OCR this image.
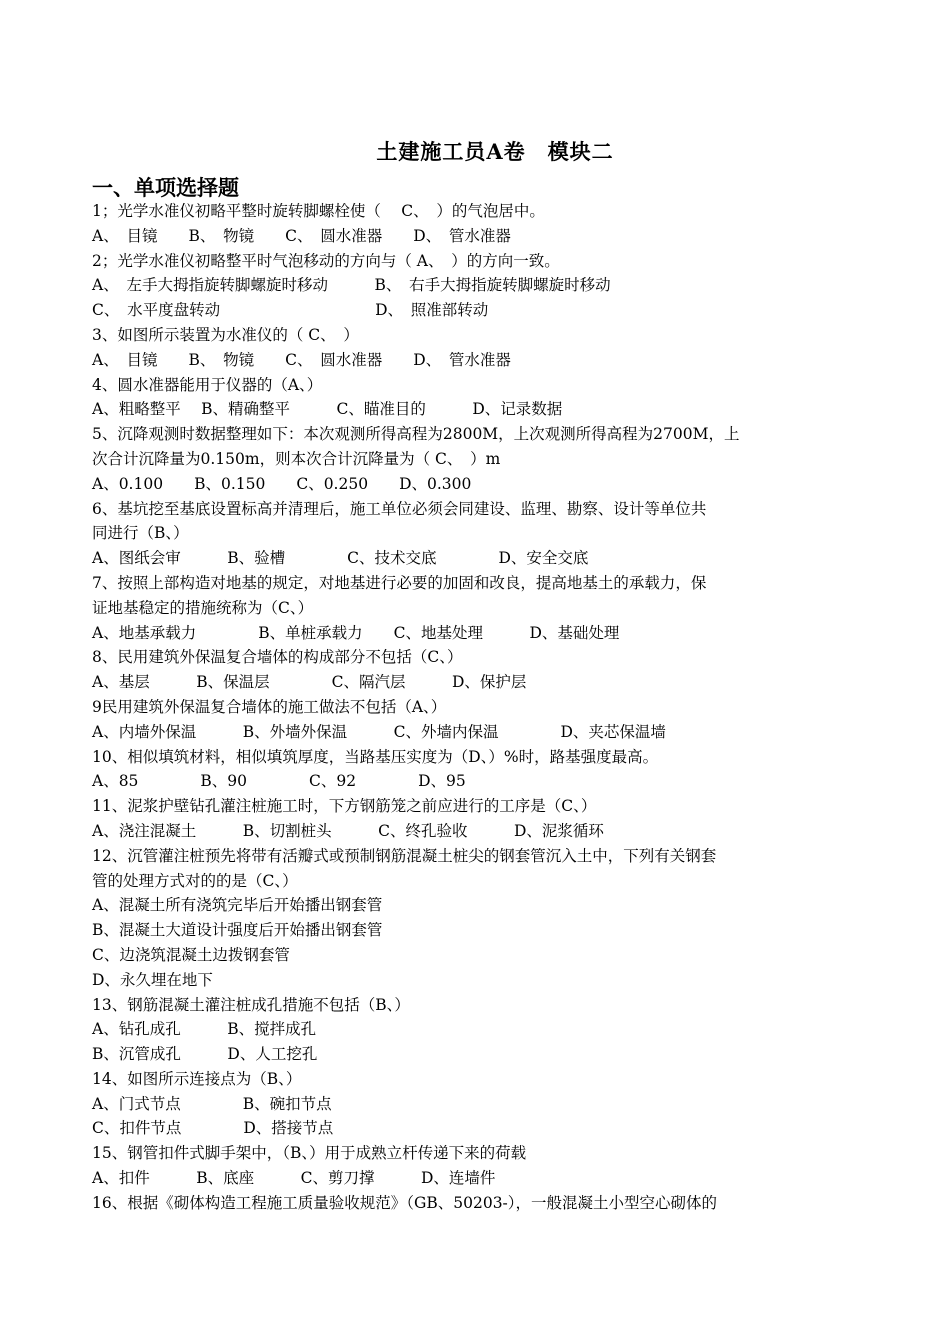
土建施工员A卷　模块二
一、单项选择题
1；光学水准仪初略平整时旋转脚螺栓使（　 C、　）的气泡居中。
A、　目镜　　B、　物镜　　C、　圆水准器　　D、　管水准器
2；光学水准仪初略整平时气泡移动的方向与（ A、　）的方向一致。
A、　左手大拇指旋转脚螺旋时移动　　　B、　右手大拇指旋转脚螺旋时移动
C、　水平度盘转动　　　　　　　　　　D、　照准部转动
3、如图所示装置为水准仪的（ C、　）
A、　目镜　　B、　物镜　　C、　圆水准器　　D、　管水准器
4、圆水准器能用于仪器的（A、）
A、粗略整平　 B、精确整平　　　C、瞄准目的　　　D、记录数据
5、沉降观测时数据整理如下：本次观测所得高程为2800M，上次观测所得高程为2700M，上
次合计沉降量为0.150m，则本次合计沉降量为（ C、　）m
A、0.100　　B、0.150　　C、0.250　　D、0.300
6、基坑挖至基底设置标高并清理后，施工单位必须会同建设、监理、勘察、设计等单位共
同进行（B、）
A、图纸会审　　　B、验槽　　　　C、技术交底　　　　D、安全交底
7、按照上部构造对地基的规定，对地基进行必要的加固和改良，提高地基土的承载力，保
证地基稳定的措施统称为（C、）
A、地基承载力　　　　B、单桩承载力　　C、地基处理　　　D、基础处理
8、民用建筑外保温复合墙体的构成部分不包括（C、）
A、基层　　　B、保温层　　　　C、隔汽层　　　D、保护层
9民用建筑外保温复合墙体的施工做法不包括（A、）
A、内墙外保温　　　B、外墙外保温　　　C、外墙内保温　　　　D、夹芯保温墙
10、相似填筑材料，相似填筑厚度，当路基压实度为（D、）%时，路基强度最高。
A、85　　　　B、90　　　　C、92　　　　D、95
11、泥浆护壁钻孔灌注桩施工时，下方钢筋笼之前应进行的工序是（C、）
A、浇注混凝土　　　B、切割桩头　　　C、终孔验收　　　D、泥浆循环
12、沉管灌注桩预先将带有活瓣式或预制钢筋混凝土桩尖的钢套管沉入土中，下列有关钢套
管的处理方式对的的是（C、）
A、混凝土所有浇筑完毕后开始播出钢套管
B、混凝土大道设计强度后开始播出钢套管
C、边浇筑混凝土边拨钢套管
D、永久埋在地下
13、钢筋混凝土灌注桩成孔措施不包括（B、）
A、钻孔成孔　　　B、搅拌成孔
B、沉管成孔　　　D、人工挖孔
14、如图所示连接点为（B、）
A、门式节点　　　　B、碗扣节点
C、扣件节点　　　　D、搭接节点
15、钢管扣件式脚手架中，（B、）用于成熟立杆传递下来的荷载
A、扣件　　　B、底座　　　C、剪刀撑　　　D、连墙件
16、根据《砌体构造工程施工质量验收规范》（GB、50203-），一般混凝土小型空心砌体的
